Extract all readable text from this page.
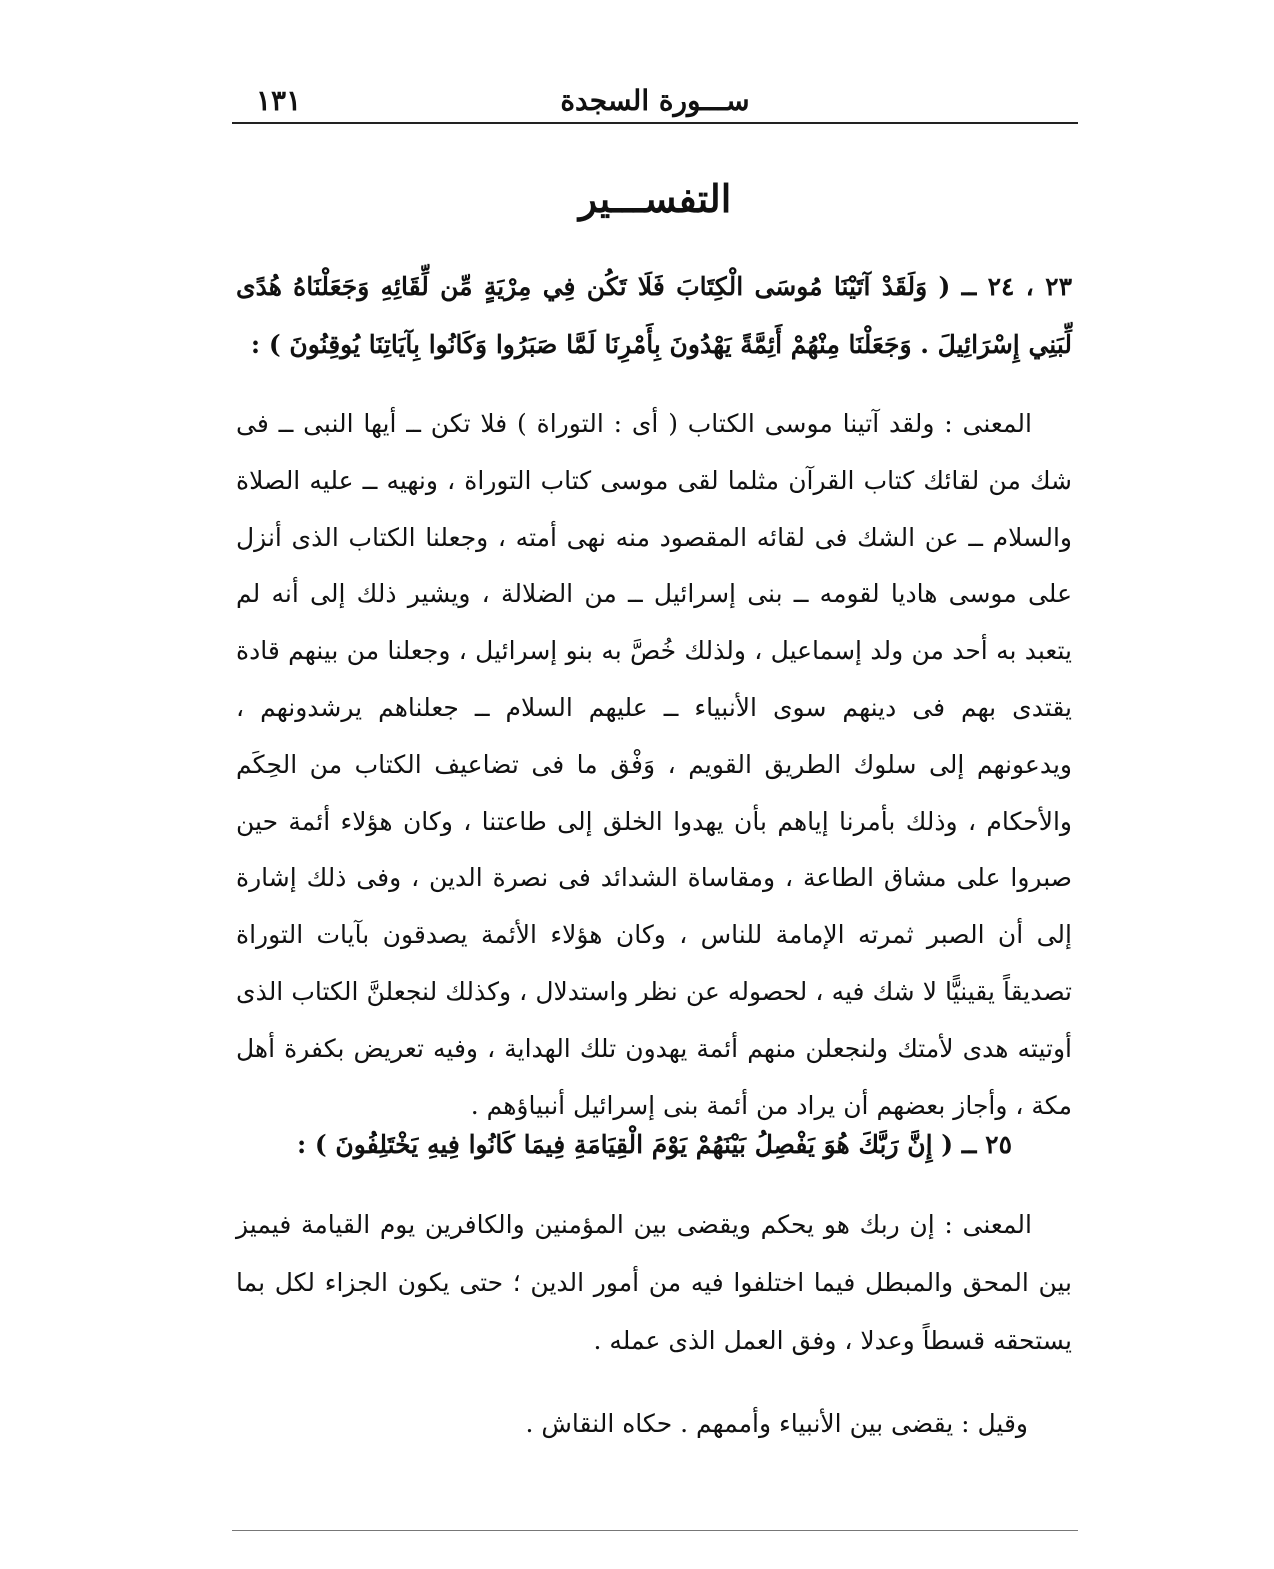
١٣١	ســـورة السجدة
التفســـير
٢٣ ، ٢٤ ــ ( وَلَقَدْ آتَيْنَا مُوسَى الْكِتَابَ فَلَا تَكُن فِي مِرْيَةٍ مِّن لِّقَائِهِ وَجَعَلْنَاهُ هُدًى لِّبَنِي إِسْرَائِيلَ . وَجَعَلْنَا مِنْهُمْ أَئِمَّةً يَهْدُونَ بِأَمْرِنَا لَمَّا صَبَرُوا وَكَانُوا بِآيَاتِنَا يُوقِنُونَ ) :
المعنى : ولقد آتينا موسى الكتاب ( أى : التوراة ) فلا تكن ــ أيها النبى ــ فى شك من لقائك كتاب القرآن مثلما لقى موسى كتاب التوراة ، ونهيه ــ عليه الصلاة والسلام ــ عن الشك فى لقائه المقصود منه نهى أمته ، وجعلنا الكتاب الذى أنزل على موسى هاديا لقومه ــ بنى إسرائيل ــ من الضلالة ، ويشير ذلك إلى أنه لم يتعبد به أحد من ولد إسماعيل ، ولذلك خُصَّ به بنو إسرائيل ، وجعلنا من بينهم قادة يقتدى بهم فى دينهم سوى الأنبياء ــ عليهم السلام ــ جعلناهم يرشدونهم ، ويدعونهم إلى سلوك الطريق القويم ، وَفْق ما فى تضاعيف الكتاب من الحِكَم والأحكام ، وذلك بأمرنا إياهم بأن يهدوا الخلق إلى طاعتنا ، وكان هؤلاء أئمة حين صبروا على مشاق الطاعة ، ومقاساة الشدائد فى نصرة الدين ، وفى ذلك إشارة إلى أن الصبر ثمرته الإمامة للناس ، وكان هؤلاء الأئمة يصدقون بآيات التوراة تصديقاً يقينيًّا لا شك فيه ، لحصوله عن نظر واستدلال ، وكذلك لنجعلنَّ الكتاب الذى أوتيته هدى لأمتك ولنجعلن منهم أئمة يهدون تلك الهداية ، وفيه تعريض بكفرة أهل مكة ، وأجاز بعضهم أن يراد من أئمة بنى إسرائيل أنبياؤهم .
٢٥ ــ ( إِنَّ رَبَّكَ هُوَ يَفْصِلُ بَيْنَهُمْ يَوْمَ الْقِيَامَةِ فِيمَا كَانُوا فِيهِ يَخْتَلِفُونَ ) :
المعنى : إن ربك هو يحكم ويقضى بين المؤمنين والكافرين يوم القيامة فيميز بين المحق والمبطل فيما اختلفوا فيه من أمور الدين ؛ حتى يكون الجزاء لكل بما يستحقه قسطاً وعدلا ، وفق العمل الذى عمله .
وقيل : يقضى بين الأنبياء وأممهم . حكاه النقاش .
